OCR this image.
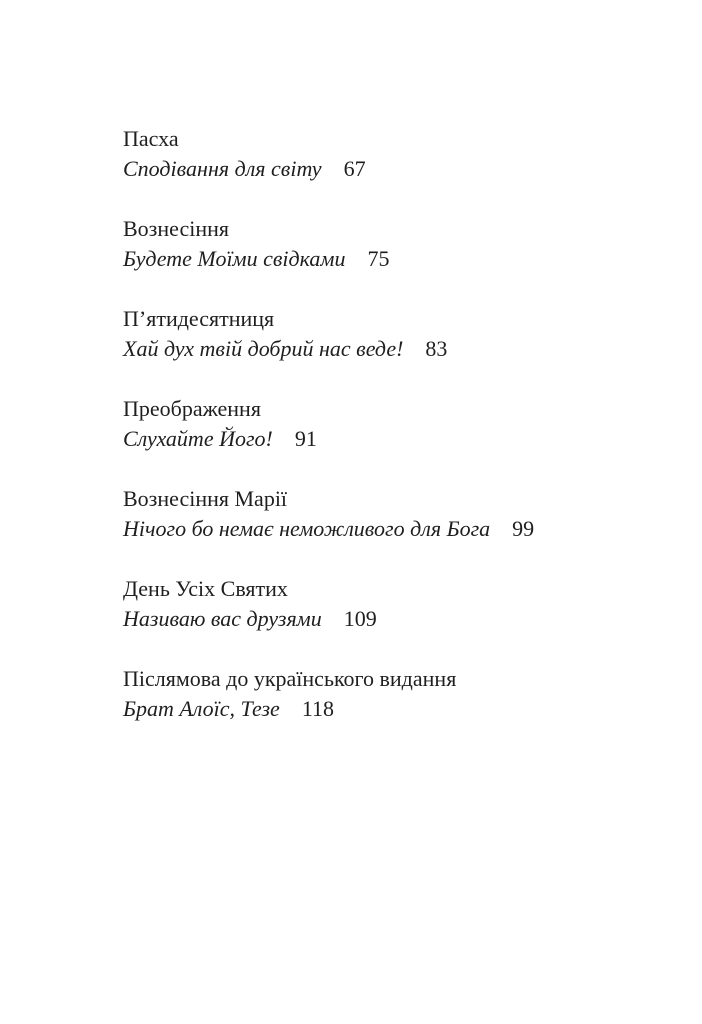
Пасха
Сподівання для світу 67
Вознесіння
Будете Моїми свідками 75
П’ятидесятниця
Хай дух твій добрий нас веде! 83
Преображення
Слухайте Його! 91
Вознесіння Марії
Нічого бо немає неможливого для Бога 99
День Усіх Святих
Називаю вас друзями 109
Післямова до українського видання
Брат Алоїс, Тезе 118
